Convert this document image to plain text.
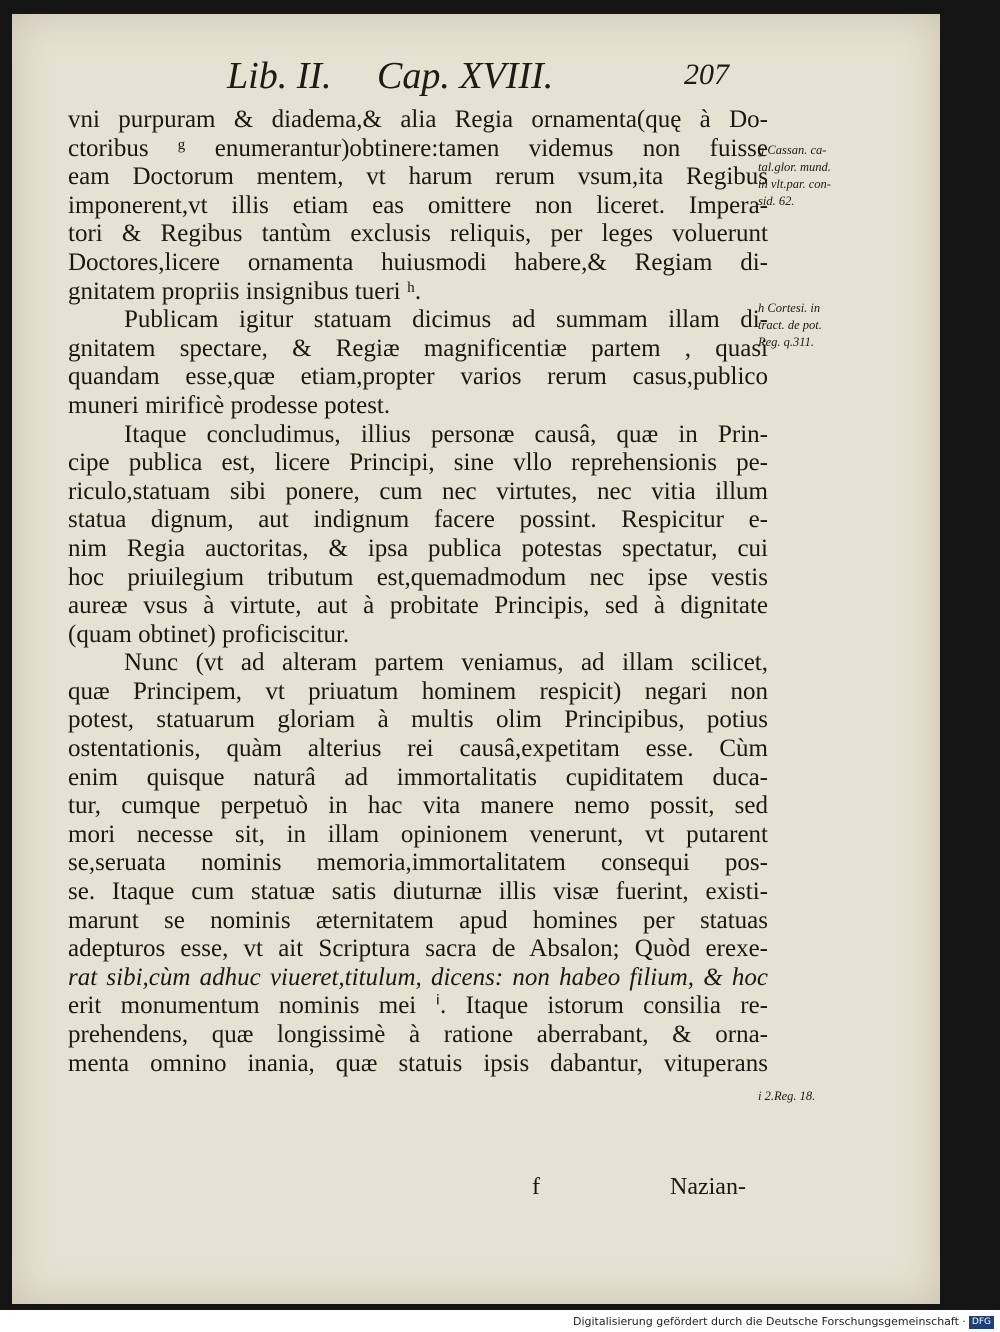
Lib. II. Cap. XVIII.	207
vni purpuram & diadema,& alia Regia ornamenta(quę à Do-
ctoribus ᵍ enumerantur)obtinere:tamen videmus non fuisse
eam Doctorum mentem, vt harum rerum vsum,ita Regibus
imponerent,vt illis etiam eas omittere non liceret. Impera-
tori & Regibus tantùm exclusis reliquis, per leges voluerunt
Doctores,licere ornamenta huiusmodi habere,& Regiam di-
gnitatem propriis insignibus tueri ʰ.
Publicam igitur statuam dicimus ad summam illam di-
gnitatem spectare, & Regiæ magnificentiæ partem , quasi
quandam esse,quæ etiam,propter varios rerum casus,publico
muneri mirificè prodesse potest.
Itaque concludimus, illius personæ causâ, quæ in Prin-
cipe publica est, licere Principi, sine vllo reprehensionis pe-
riculo,statuam sibi ponere, cum nec virtutes, nec vitia illum
statua dignum, aut indignum facere possint. Respicitur e-
nim Regia auctoritas, & ipsa publica potestas spectatur, cui
hoc priuilegium tributum est,quemadmodum nec ipse vestis
aureæ vsus à virtute, aut à probitate Principis, sed à dignitate
(quam obtinet) proficiscitur.
Nunc (vt ad alteram partem veniamus, ad illam scilicet,
quæ Principem, vt priuatum hominem respicit) negari non
potest, statuarum gloriam à multis olim Principibus, potius
ostentationis, quàm alterius rei causâ,expetitam esse. Cùm
enim quisque naturâ ad immortalitatis cupiditatem duca-
tur, cumque perpetuò in hac vita manere nemo possit, sed
mori necesse sit, in illam opinionem venerunt, vt putarent
se,seruata nominis memoria,immortalitatem consequi pos-
se. Itaque cum statuæ satis diuturnæ illis visæ fuerint, existi-
marunt se nominis æternitatem apud homines per statuas
adepturos esse, vt ait Scriptura sacra de Absalon; Quòd erexe-
rat sibi,cùm adhuc viueret,titulum, dicens: non habeo filium, & hoc
erit monumentum nominis mei ⁱ. Itaque istorum consilia re-
prehendens, quæ longissimè à ratione aberrabant, & orna-
menta omnino inania, quæ statuis ipsis dabantur, vituperans
g Cassan. ca-
tal.glor. mund.
in vlt.par. con-
sid. 62.
h Cortesi. in
tract. de pot.
Reg. q.311.
i 2.Reg. 18.
f	Nazian-
Digitalisierung gefördert durch die Deutsche Forschungsgemeinschaft · DFG
